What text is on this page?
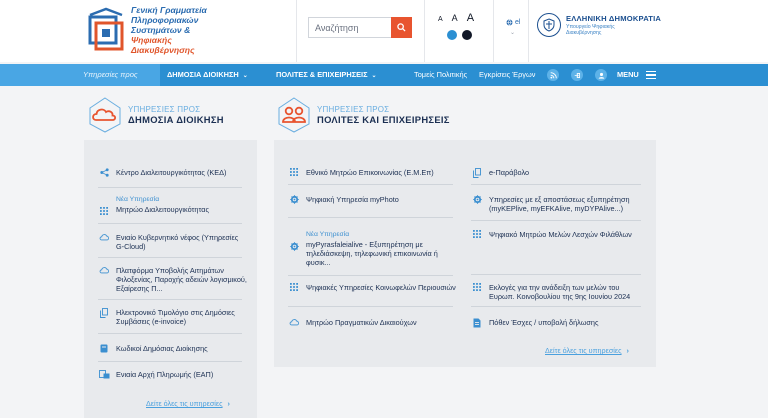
Γενική Γραμματεία
Πληροφοριακών
Συστημάτων &
Ψηφιακής Διακυβέρνησης
Αναζήτηση
A A A	el
⌄
ΕΛΛΗΝΙΚΗ ΔΗΜΟΚΡΑΤΙΑ
Υπουργείο Ψηφιακής Διακυβέρνησης
Υπηρεσίες προς	ΔΗΜΟΣΙΑ ΔΙΟΙΚΗΣΗ ⌄	ΠΟΛΙΤΕΣ & ΕΠΙΧΕΙΡΗΣΕΙΣ ⌄	Τομείς Πολιτικής Εγκρίσεις Έργων	MENU
ΥΠΗΡΕΣΙΕΣ ΠΡΟΣ
ΔΗΜΟΣΙΑ ΔΙΟΙΚΗΣΗ
ΥΠΗΡΕΣΙΕΣ ΠΡΟΣ
ΠΟΛΙΤΕΣ ΚΑΙ ΕΠΙΧΕΙΡΗΣΕΙΣ
Κέντρο Διαλειτουργικότητας (ΚΕΔ)
Νέα Υπηρεσία
Μητρώο Διαλειτουργικότητας
Ενιαίο Κυβερνητικό νέφος (Υπηρεσίες G-Cloud)
Πλατφόρμα Υποβολής Αιτημάτων Φιλοξενίας, Παροχής αδειών λογισμικού, Εξαίρεσης Π...
Ηλεκτρονικό Τιμολόγιο στις Δημόσιες Συμβάσεις (e-invoice)
Κωδικοί Δημόσιας Διοίκησης
Ενιαία Αρχή Πληρωμής (ΕΑΠ)
Δείτε όλες τις υπηρεσίες ›
Εθνικό Μητρώο Επικοινωνίας (Ε.Μ.Επ)
Ψηφιακή Υπηρεσία myPhoto
Νέα Υπηρεσία
myPyrasfaleialive - Εξυπηρέτηση με τηλεδιάσκεψη, τηλεφωνική επικοινωνία ή φυσικ...
Ψηφιακές Υπηρεσίες Κοινωφελών Περιουσιών
Μητρώο Πραγματικών Δικαιούχων
e-Παράβολο
Υπηρεσίες με εξ αποστάσεως εξυπηρέτηση (myKEPlive, myEFKAlive, myDYPAlive...)
Ψηφιακό Μητρώο Μελών Λεσχών Φιλάθλων
Εκλογές για την ανάδειξη των μελών του Ευρωπ. Κοινοβουλίου της 9ης Ιουνίου 2024
Πόθεν Έσχες / υποβολή δήλωσης
Δείτε όλες τις υπηρεσίες ›
